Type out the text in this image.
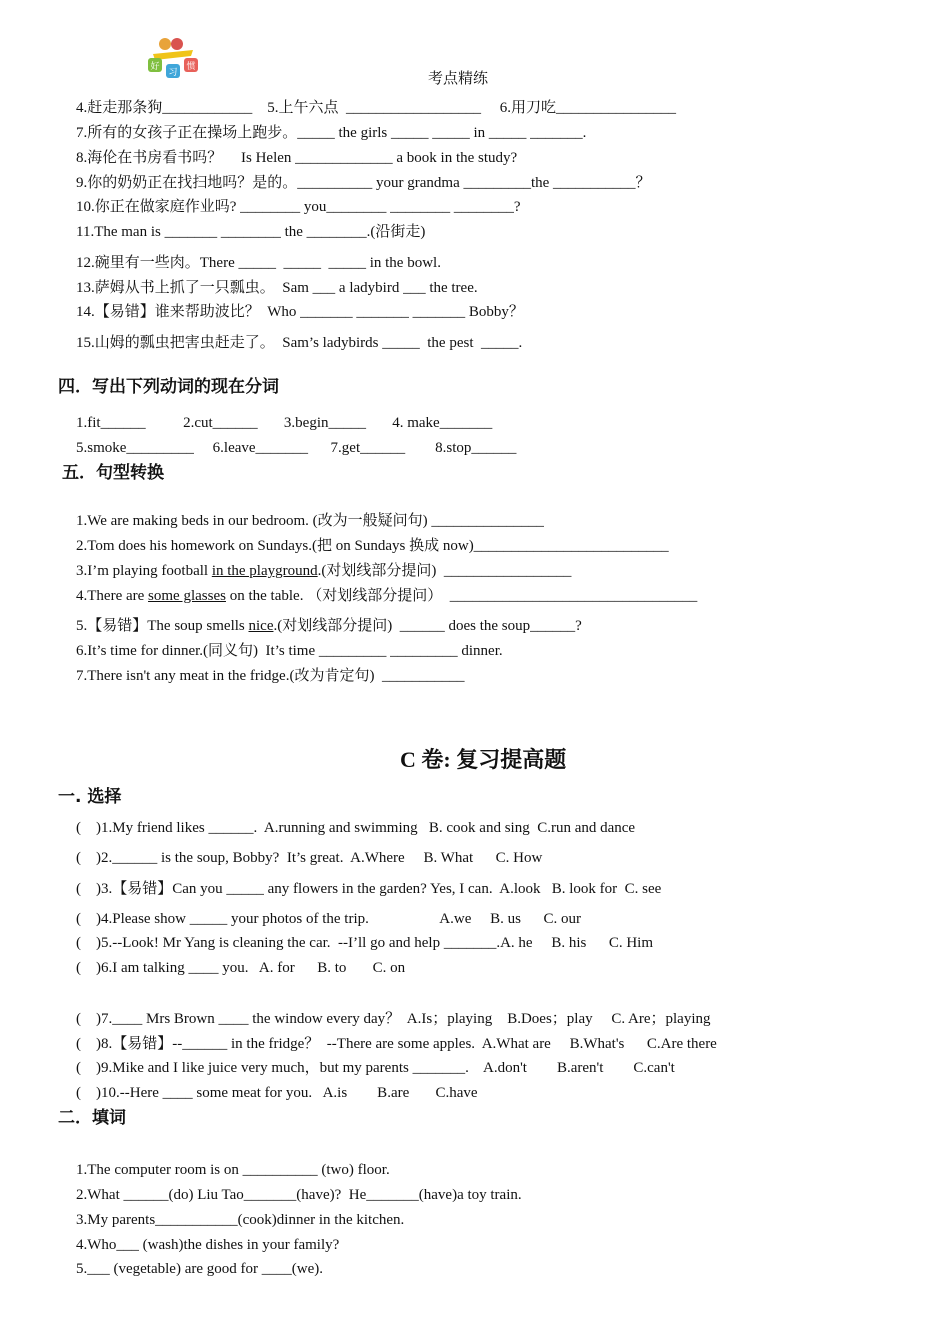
好
习
惯
考点精练
4.赶走那条狗____________    5.上午六点  __________________     6.用刀吃________________
7.所有的女孩子正在操场上跑步。_____ the girls _____ _____ in _____ _______.
8.海伦在书房看书吗？     Is Helen _____________ a book in the study?
9.你的奶奶正在找扫地吗？是的。__________ your grandma _________the ___________？
10.你正在做家庭作业吗? ________ you________ ________ ________?
11.The man is _______ ________ the ________.(沿街走)
12.碗里有一些肉。There _____  _____  _____ in the bowl.
13.萨姆从书上抓了一只瓢虫。  Sam ___ a ladybird ___ the tree.
14.【易错】谁来帮助波比？  Who _______ _______ _______ Bobby？
15.山姆的瓢虫把害虫赶走了。  Sam’s ladybirds _____  the pest  _____.
四．写出下列动词的现在分词
1.fit______          2.cut______       3.begin_____       4. make_______
5.smoke_________     6.leave_______      7.get______        8.stop______
五．句型转换
1.We are making beds in our bedroom. (改为一般疑问句) _______________
2.Tom does his homework on Sundays.(把 on Sundays 换成 now)__________________________
3.I’m playing football in the playground.(对划线部分提问)  _________________
4.There are some glasses on the table. （对划线部分提问）  _________________________________
5.【易错】The soup smells nice.(对划线部分提问)  ______ does the soup______?
6.It’s time for dinner.(同义句)  It’s time _________ _________ dinner.
7.There isn't any meat in the fridge.(改为肯定句)  ___________
C 卷: 复习提高题
一. 选择
(    )1.My friend likes ______.  A.running and swimming   B. cook and sing  C.run and dance
(    )2.______ is the soup, Bobby?  It’s great.  A.Where     B. What      C. How
(    )3.【易错】Can you _____ any flowers in the garden? Yes, I can.  A.look   B. look for  C. see
(    )4.Please show _____ your photos of the trip.                   A.we     B. us      C. our
(    )5.--Look! Mr Yang is cleaning the car.  --I’ll go and help _______.A. he     B. his      C. Him
(    )6.I am talking ____ you.   A. for      B. to       C. on
(    )7.____ Mrs Brown ____ the window every day？  A.Is；playing    B.Does；play     C. Are；playing
(    )8.【易错】--______ in the fridge？  --There are some apples.  A.What are     B.What's      C.Are there
(    )9.Mike and I like juice very much，but my parents _______.    A.don't        B.aren't        C.can't
(    )10.--Here ____ some meat for you.   A.is        B.are       C.have
二．填词
1.The computer room is on __________ (two) floor.
2.What ______(do) Liu Tao_______(have)?  He_______(have)a toy train.
3.My parents___________(cook)dinner in the kitchen.
4.Who___ (wash)the dishes in your family?
5.___ (vegetable) are good for ____(we).
